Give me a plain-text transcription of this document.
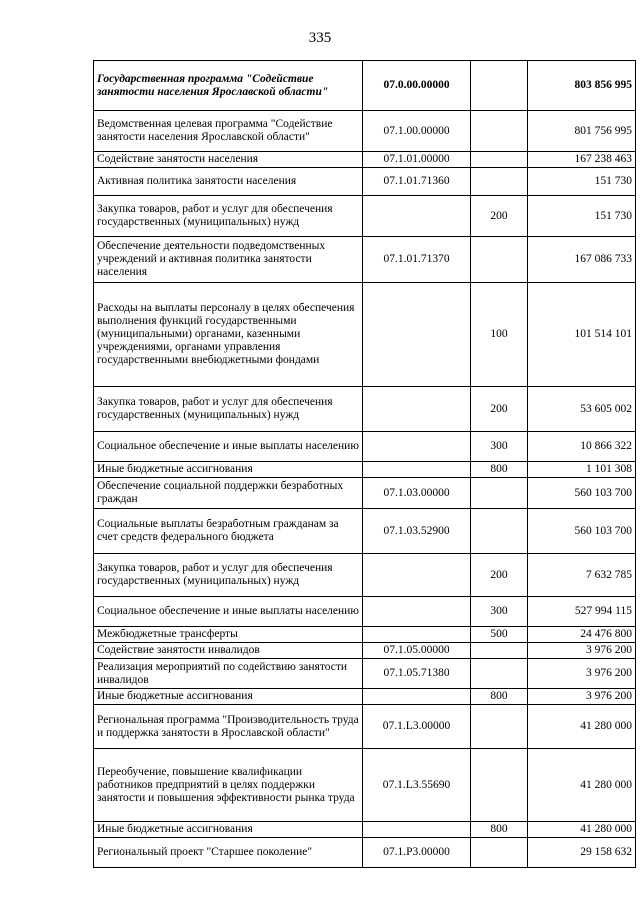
335
Государственная программа "Содействие занятости населения Ярославской области"	07.0.00.00000		803 856 995
Ведомственная целевая программа "Содействие занятости населения Ярославской области"	07.1.00.00000		801 756 995
Содействие занятости населения	07.1.01.00000		167 238 463
Активная политика занятости населения	07.1.01.71360		151 730
Закупка товаров, работ и услуг для обеспечения государственных (муниципальных) нужд		200	151 730
Обеспечение деятельности подведомственных учреждений и активная политика занятости населения	07.1.01.71370		167 086 733
Расходы на выплаты персоналу в целях обеспечения выполнения функций государственными (муниципальными) органами, казенными учреждениями, органами управления государственными внебюджетными фондами		100	101 514 101
Закупка товаров, работ и услуг для обеспечения государственных (муниципальных) нужд		200	53 605 002
Социальное обеспечение и иные выплаты населению		300	10 866 322
Иные бюджетные ассигнования		800	1 101 308
Обеспечение социальной поддержки безработных граждан	07.1.03.00000		560 103 700
Социальные выплаты безработным гражданам за счет средств федерального бюджета	07.1.03.52900		560 103 700
Закупка товаров, работ и услуг для обеспечения государственных (муниципальных) нужд		200	7 632 785
Социальное обеспечение и иные выплаты населению		300	527 994 115
Межбюджетные трансферты		500	24 476 800
Содействие занятости инвалидов	07.1.05.00000		3 976 200
Реализация мероприятий по содействию занятости инвалидов	07.1.05.71380		3 976 200
Иные бюджетные ассигнования		800	3 976 200
Региональная программа "Производительность труда и поддержка занятости в Ярославской области"	07.1.L3.00000		41 280 000
Переобучение, повышение квалификации работников предприятий в целях поддержки занятости и повышения эффективности рынка труда	07.1.L3.55690		41 280 000
Иные бюджетные ассигнования		800	41 280 000
Региональный проект "Старшее поколение"	07.1.P3.00000		29 158 632
